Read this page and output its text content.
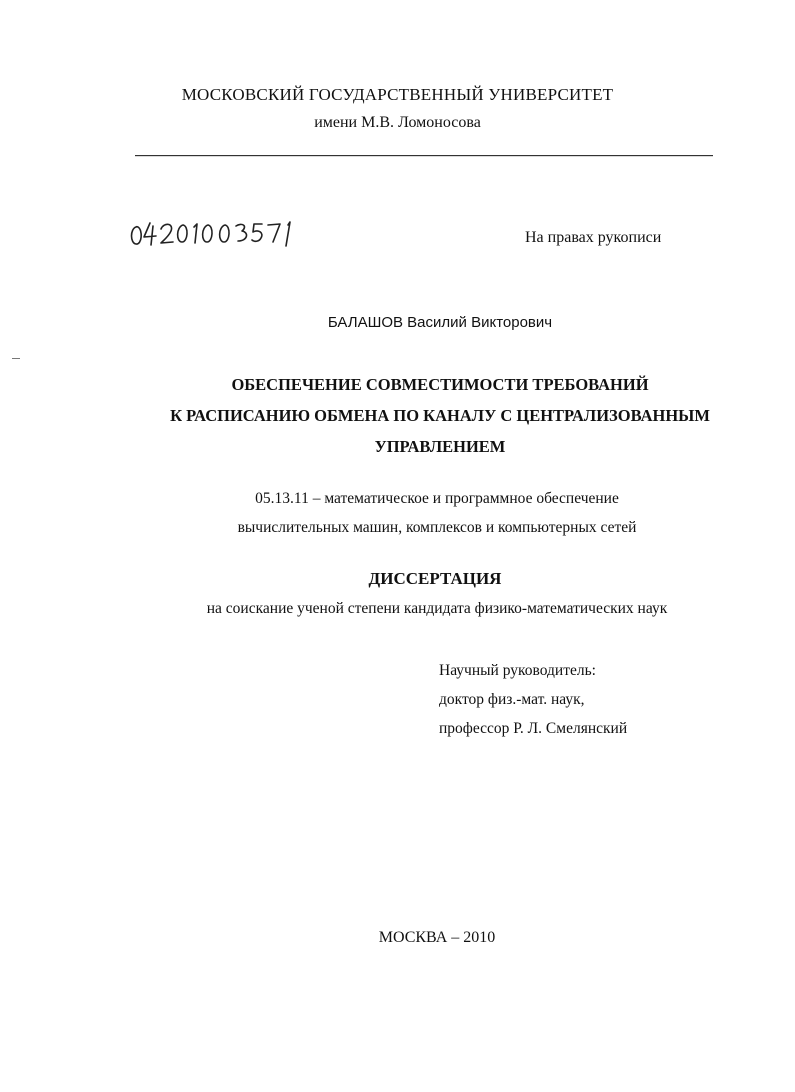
МОСКОВСКИЙ ГОСУДАРСТВЕННЫЙ УНИВЕРСИТЕТ
имени М.В. Ломоносова
На правах рукописи
БАЛАШОВ Василий Викторович
ОБЕСПЕЧЕНИЕ СОВМЕСТИМОСТИ ТРЕБОВАНИЙ
К РАСПИСАНИЮ ОБМЕНА ПО КАНАЛУ С ЦЕНТРАЛИЗОВАННЫМ
УПРАВЛЕНИЕМ
05.13.11 – математическое и программное обеспечение
вычислительных машин, комплексов и компьютерных сетей
ДИССЕРТАЦИЯ
на соискание ученой степени кандидата физико-математических наук
Научный руководитель:
доктор физ.-мат. наук,
профессор Р. Л. Смелянский
МОСКВА – 2010
